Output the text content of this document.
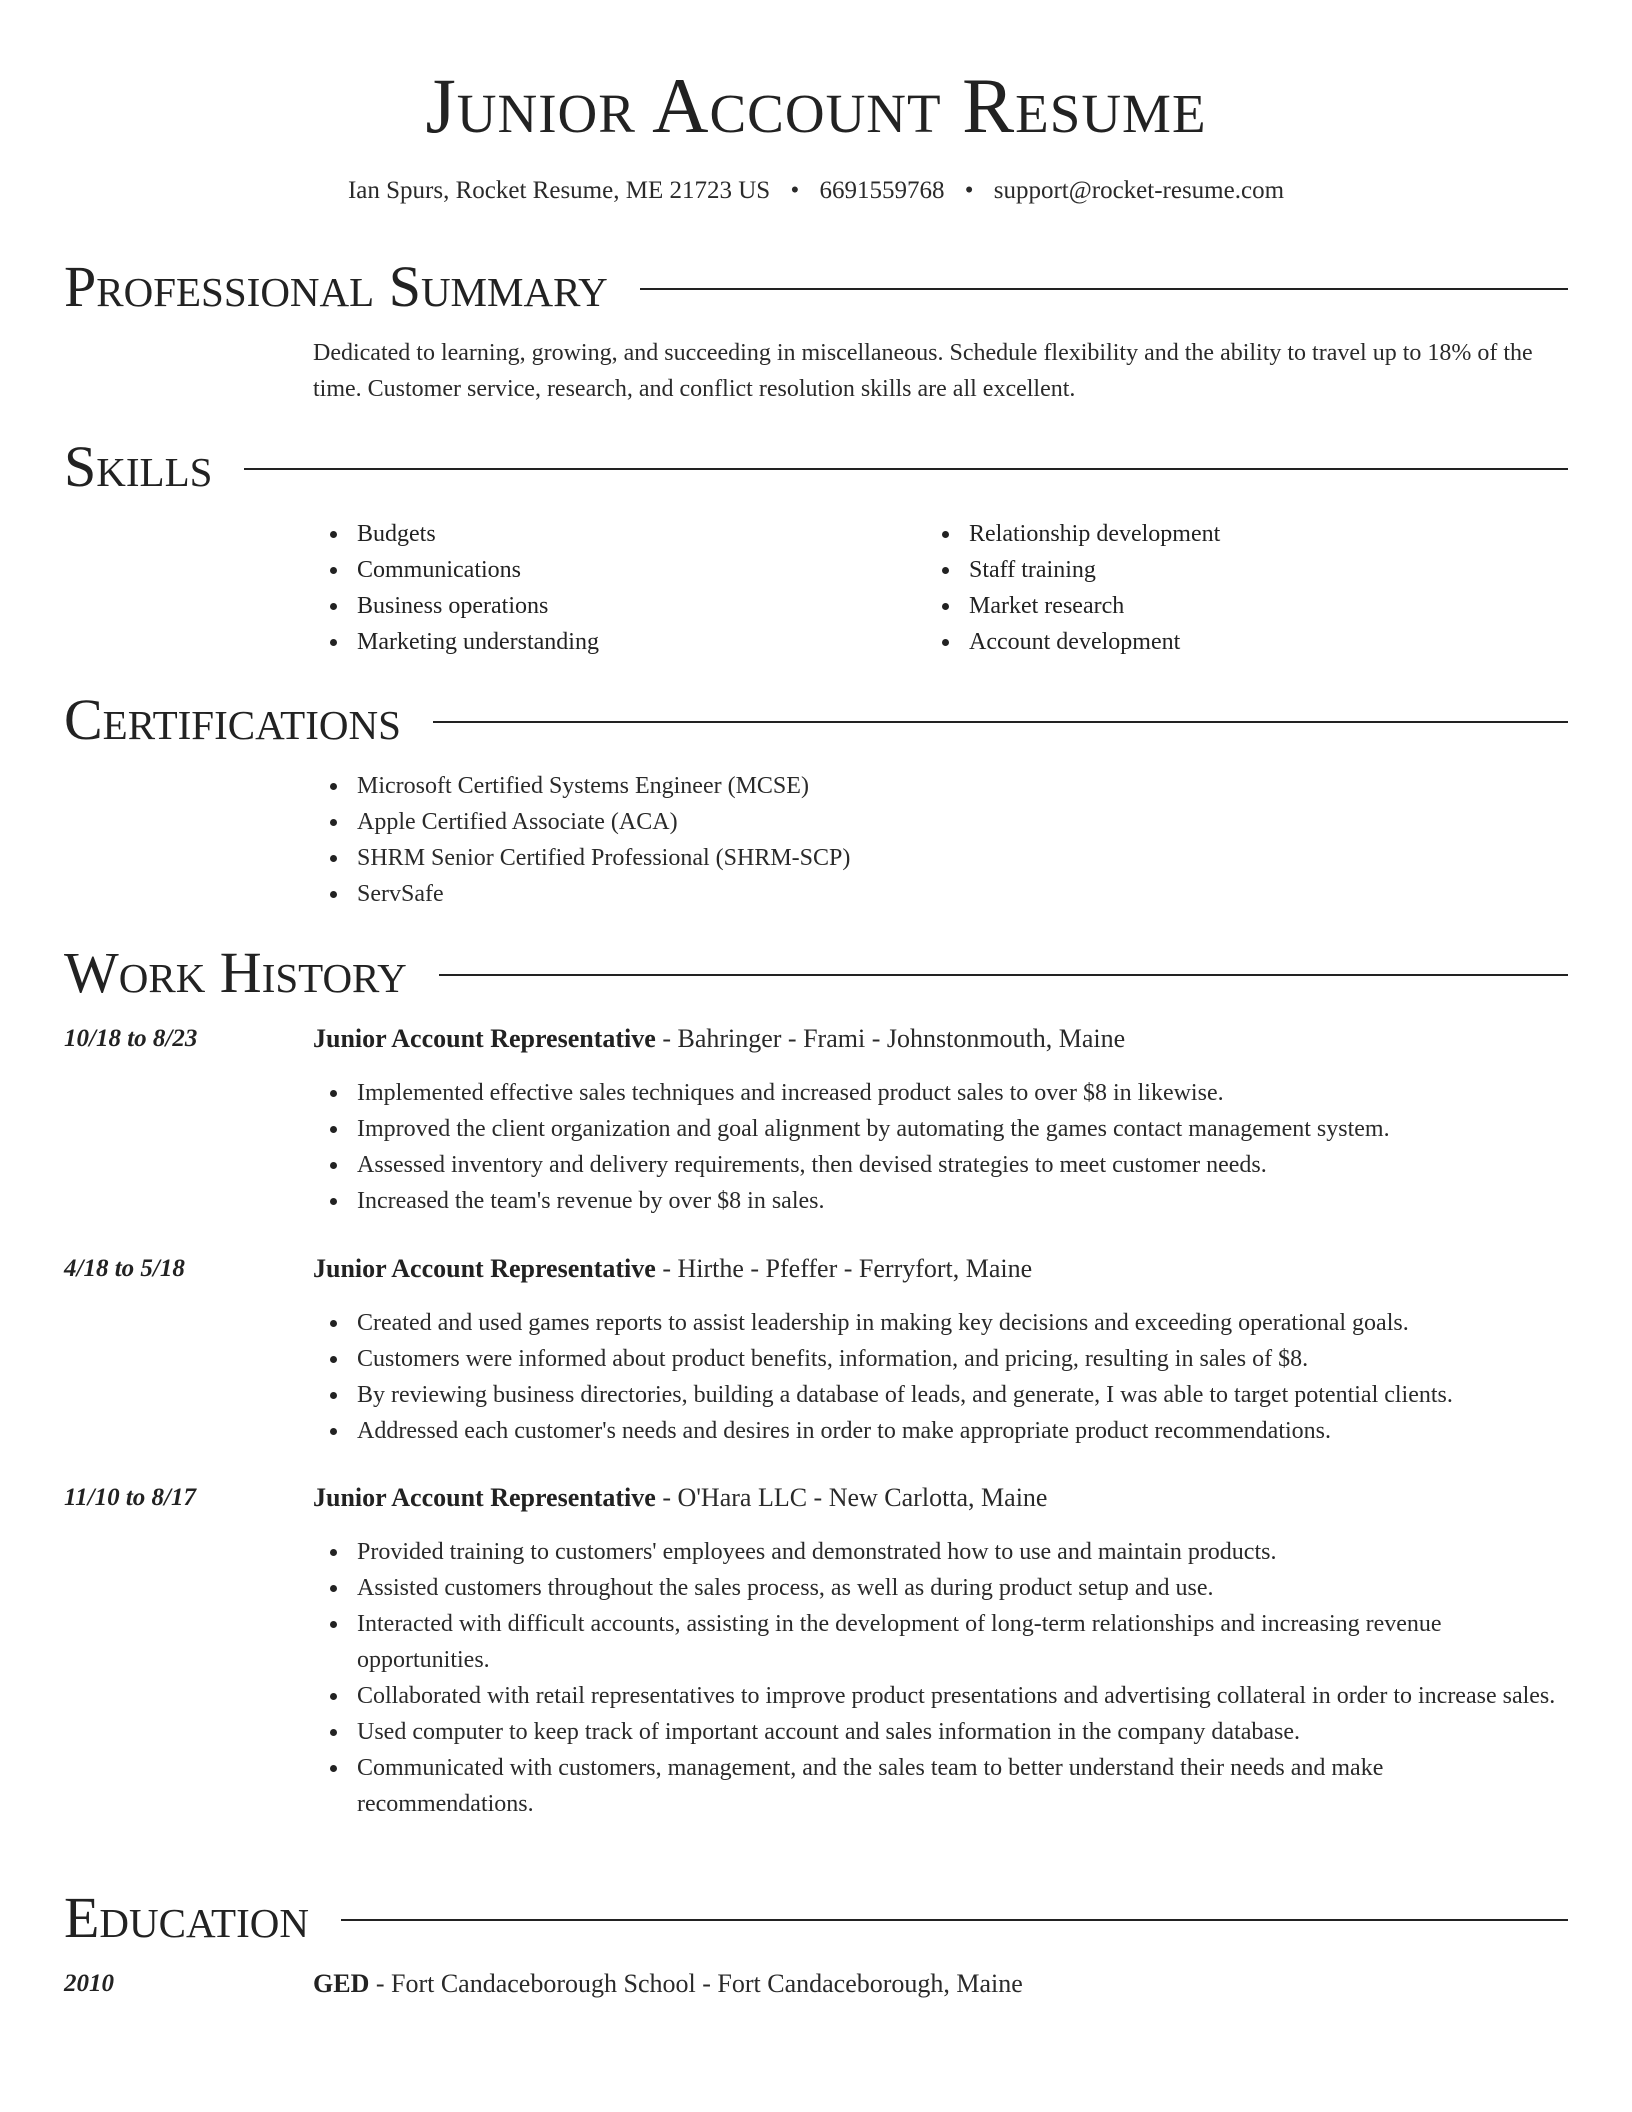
Junior Account Resume
Ian Spurs, Rocket Resume, ME 21723 US • 6691559768 • support@rocket-resume.com
Professional Summary
Dedicated to learning, growing, and succeeding in miscellaneous. Schedule flexibility and the ability to travel up to 18% of the time. Customer service, research, and conflict resolution skills are all excellent.
Skills
Budgets
Communications
Business operations
Marketing understanding
Relationship development
Staff training
Market research
Account development
Certifications
Microsoft Certified Systems Engineer (MCSE)
Apple Certified Associate (ACA)
SHRM Senior Certified Professional (SHRM-SCP)
ServSafe
Work History
10/18 to 8/23	Junior Account Representative - Bahringer - Frami - Johnstonmouth, Maine
Implemented effective sales techniques and increased product sales to over $8 in likewise.
Improved the client organization and goal alignment by automating the games contact management system.
Assessed inventory and delivery requirements, then devised strategies to meet customer needs.
Increased the team's revenue by over $8 in sales.
4/18 to 5/18	Junior Account Representative - Hirthe - Pfeffer - Ferryfort, Maine
Created and used games reports to assist leadership in making key decisions and exceeding operational goals.
Customers were informed about product benefits, information, and pricing, resulting in sales of $8.
By reviewing business directories, building a database of leads, and generate, I was able to target potential clients.
Addressed each customer's needs and desires in order to make appropriate product recommendations.
11/10 to 8/17	Junior Account Representative - O'Hara LLC - New Carlotta, Maine
Provided training to customers' employees and demonstrated how to use and maintain products.
Assisted customers throughout the sales process, as well as during product setup and use.
Interacted with difficult accounts, assisting in the development of long-term relationships and increasing revenue opportunities.
Collaborated with retail representatives to improve product presentations and advertising collateral in order to increase sales.
Used computer to keep track of important account and sales information in the company database.
Communicated with customers, management, and the sales team to better understand their needs and make recommendations.
Education
2010	GED - Fort Candaceborough School - Fort Candaceborough, Maine
